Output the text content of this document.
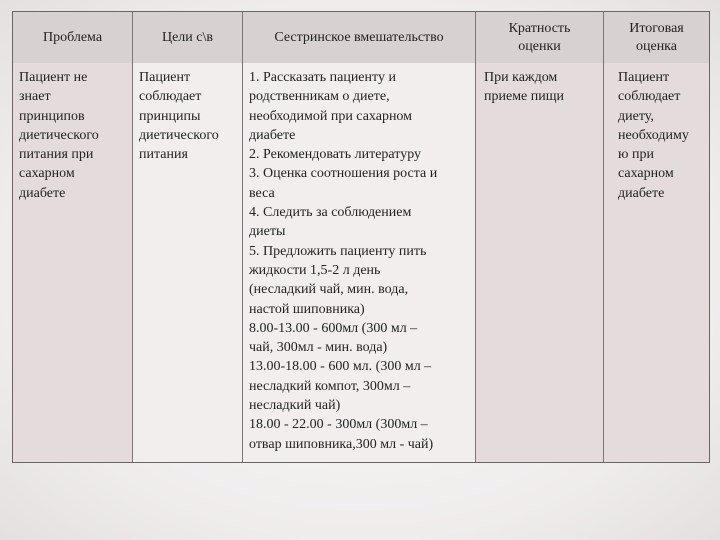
Проблема
Пациент не
знает
принципов
диетического
питания при
сахарном
диабете
Цели с\в
Пациент
соблюдает
принципы
диетического
питания
Сестринское вмешательство
1. Рассказать пациенту и
родственникам о диете,
необходимой при сахарном
диабете
2. Рекомендовать литературу
3. Оценка соотношения роста и
веса
4. Следить за соблюдением
диеты
5. Предложить пациенту пить
жидкости 1,5-2 л день
(несладкий чай, мин. вода,
настой шиповника)
8.00-13.00 - 600мл (300 мл –
чай, 300мл - мин. вода)
13.00-18.00 - 600 мл. (300 мл –
несладкий компот, 300мл –
несладкий чай)
18.00 - 22.00 - 300мл (300мл –
отвар шиповника,300 мл - чай)
Кратность
оценки
При каждом
приеме пищи
Итоговая
оценка
Пациент
соблюдает
диету,
необходиму
ю при
сахарном
диабете
